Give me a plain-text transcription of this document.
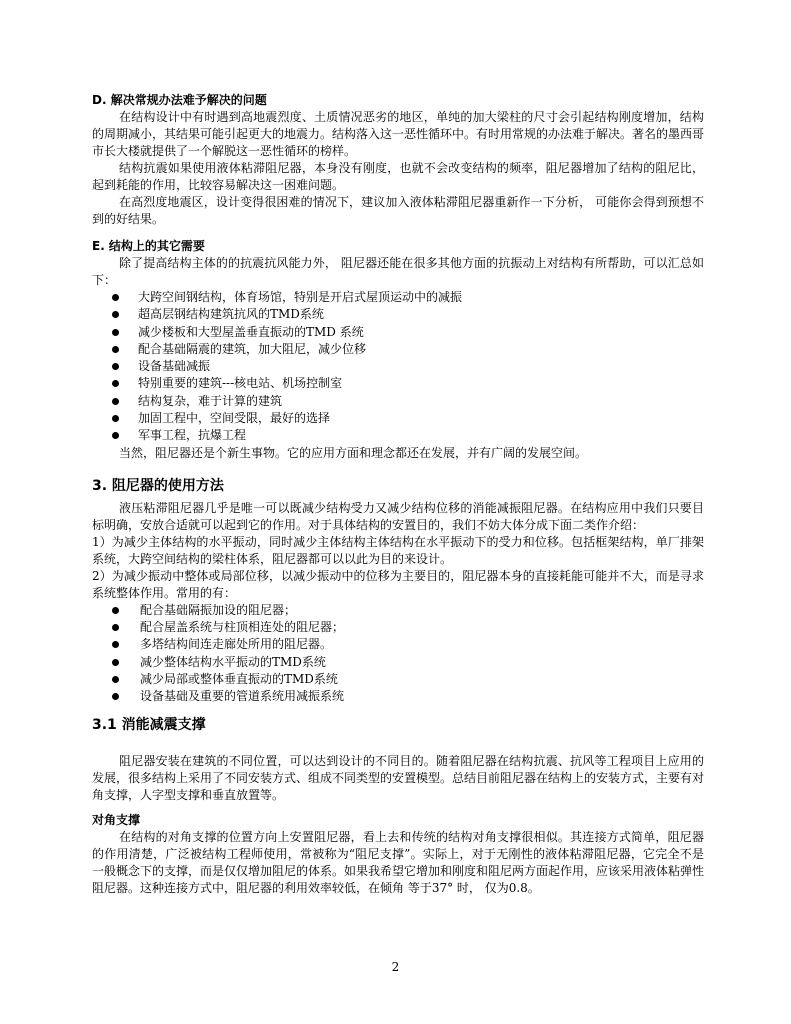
D. 解决常规办法难予解决的问题

在结构设计中有时遇到高地震烈度、土质情况恶劣的地区，单纯的加大梁柱的尺寸会引起结构刚度增加，结构的周期减小，其结果可能引起更大的地震力。结构落入这一恶性循环中。有时用常规的办法难于解决。著名的墨西哥市长大楼就提供了一个解脱这一恶性循环的榜样。

结构抗震如果使用液体粘滞阻尼器，本身没有刚度，也就不会改变结构的频率，阻尼器增加了结构的阻尼比，起到耗能的作用，比较容易解决这一困难问题。

在高烈度地震区，设计变得很困难的情况下，建议加入液体粘滞阻尼器重新作一下分析， 可能你会得到预想不到的好结果。

E. 结构上的其它需要

除了提高结构主体的的抗震抗风能力外， 阻尼器还能在很多其他方面的抗振动上对结构有所帮助，可以汇总如下：

大跨空间钢结构，体育场馆，特别是开启式屋顶运动中的减振
超高层钢结构建筑抗风的TMD系统
减少楼板和大型屋盖垂直振动的TMD 系统
配合基础隔震的建筑，加大阻尼，减少位移
设备基础减振
特别重要的建筑---核电站、机场控制室
结构复杂，难于计算的建筑
加固工程中，空间受限，最好的选择
军事工程，抗爆工程

当然，阻尼器还是个新生事物。它的应用方面和理念都还在发展，并有广阔的发展空间。

3. 阻尼器的使用方法

液压粘滞阻尼器几乎是唯一可以既减少结构受力又减少结构位移的消能减振阻尼器。在结构应用中我们只要目标明确，安放合适就可以起到它的作用。对于具体结构的安置目的，我们不妨大体分成下面二类作介绍：

1）为减少主体结构的水平振动，同时减少主体结构主体结构在水平振动下的受力和位移。包括框架结构，单厂排架系统，大跨空间结构的梁柱体系，阻尼器都可以以此为目的来设计。

2）为减少振动中整体或局部位移，以减少振动中的位移为主要目的，阻尼器本身的直接耗能可能并不大，而是寻求系统整体作用。常用的有：

配合基础隔振加设的阻尼器；
配合屋盖系统与柱顶相连处的阻尼器；
多塔结构间连走廊处所用的阻尼器。
减少整体结构水平振动的TMD系统
减少局部或整体垂直振动的TMD系统
设备基础及重要的管道系统用减振系统

3.1 消能减震支撑

阻尼器安装在建筑的不同位置，可以达到设计的不同目的。随着阻尼器在结构抗震、抗风等工程项目上应用的发展，很多结构上采用了不同安装方式、组成不同类型的安置模型。总结目前阻尼器在结构上的安装方式，主要有对角支撑，人字型支撑和垂直放置等。

对角支撑

在结构的对角支撑的位置方向上安置阻尼器，看上去和传统的结构对角支撑很相似。其连接方式简单，阻尼器的作用清楚，广泛被结构工程师使用，常被称为“阻尼支撑”。实际上，对于无刚性的液体粘滞阻尼器，它完全不是一般概念下的支撑，而是仅仅增加阻尼的体系。如果我希望它增加和刚度和阻尼两方面起作用，应该采用液体粘弹性阻尼器。这种连接方式中，阻尼器的利用效率较低，在倾角 等于37° 时， 仅为0.8。

2
